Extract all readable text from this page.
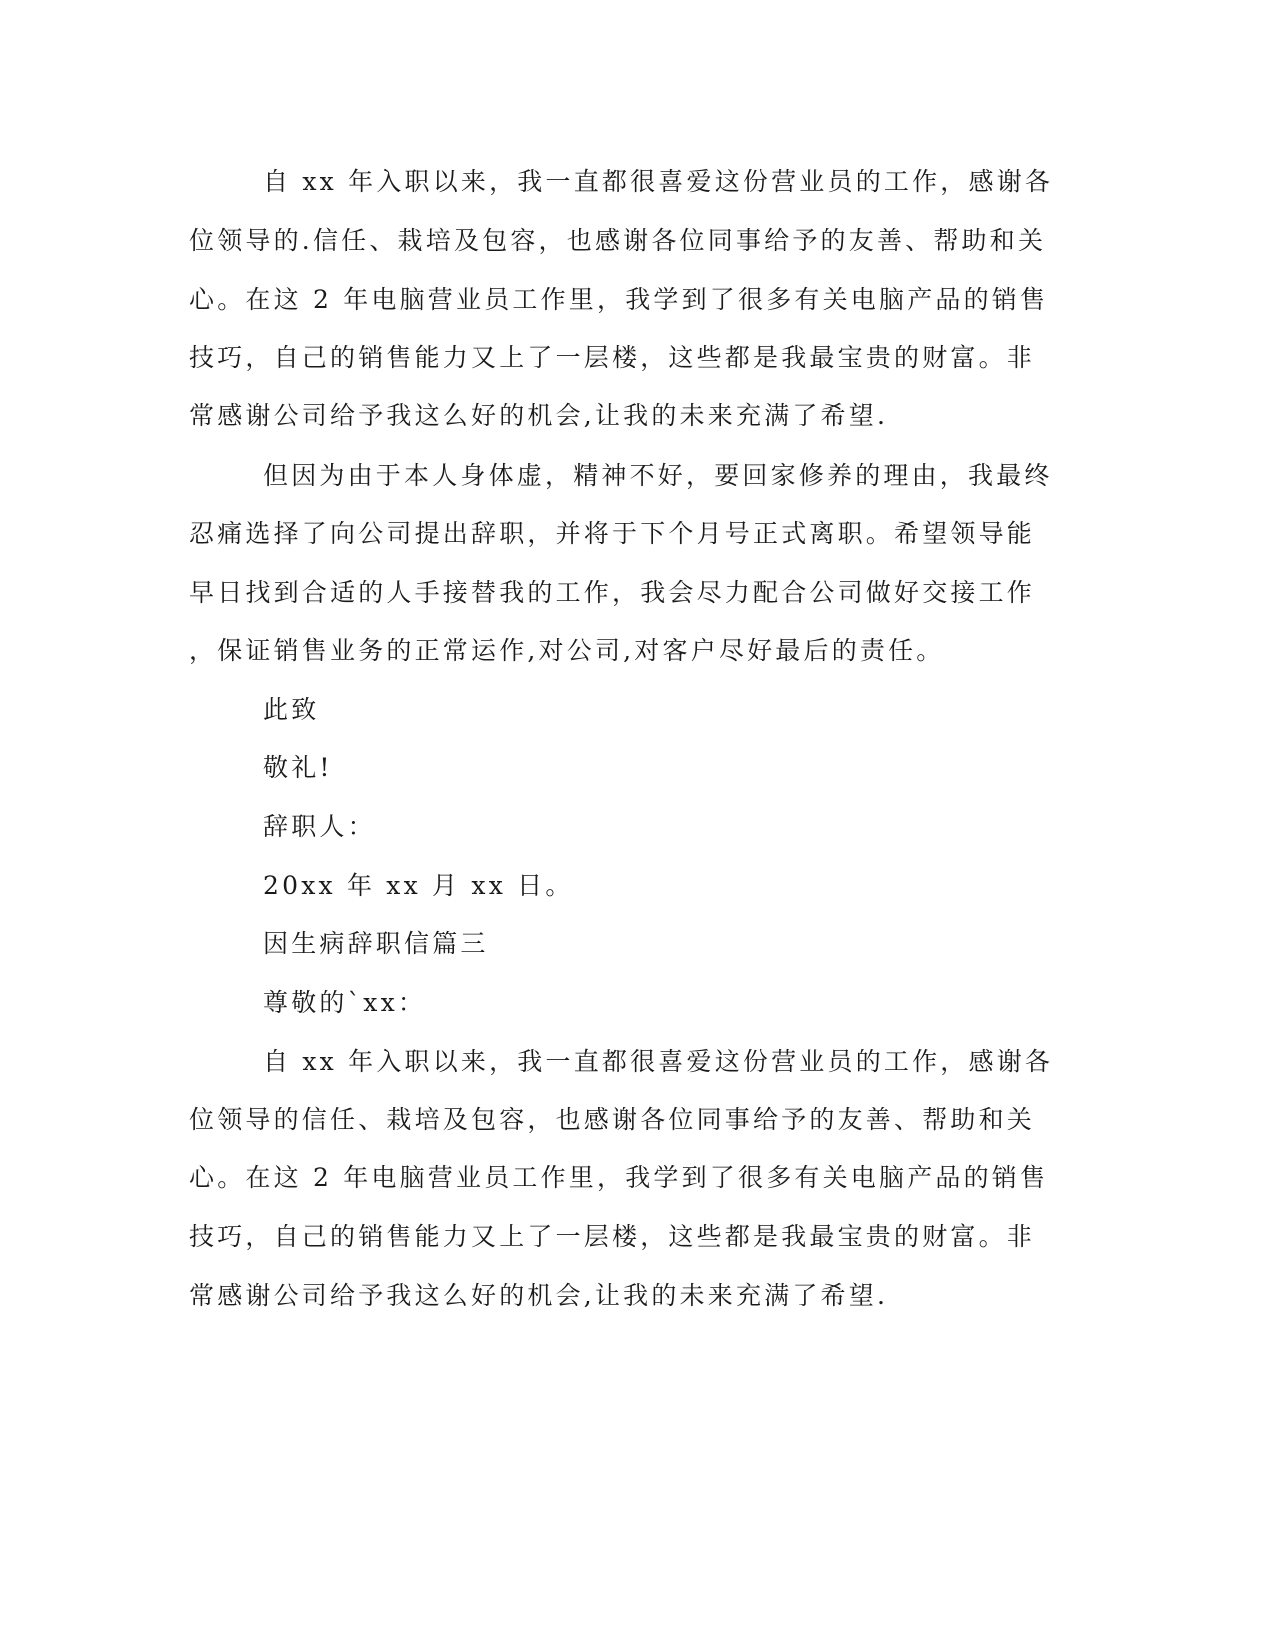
自 xx 年入职以来，我一直都很喜爱这份营业员的工作，感谢各
位领导的.信任、栽培及包容，也感谢各位同事给予的友善、帮助和关
心。在这 2 年电脑营业员工作里，我学到了很多有关电脑产品的销售
技巧，自己的销售能力又上了一层楼，这些都是我最宝贵的财富。非
常感谢公司给予我这么好的机会,让我的未来充满了希望.
但因为由于本人身体虚，精神不好，要回家修养的理由，我最终
忍痛选择了向公司提出辞职，并将于下个月号正式离职。希望领导能
早日找到合适的人手接替我的工作，我会尽力配合公司做好交接工作
，保证销售业务的正常运作,对公司,对客户尽好最后的责任。
此致
敬礼!
辞职人：
20xx 年 xx 月 xx 日。
因生病辞职信篇三
尊敬的`xx：
自 xx 年入职以来，我一直都很喜爱这份营业员的工作，感谢各
位领导的信任、栽培及包容，也感谢各位同事给予的友善、帮助和关
心。在这 2 年电脑营业员工作里，我学到了很多有关电脑产品的销售
技巧，自己的销售能力又上了一层楼，这些都是我最宝贵的财富。非
常感谢公司给予我这么好的机会,让我的未来充满了希望.
